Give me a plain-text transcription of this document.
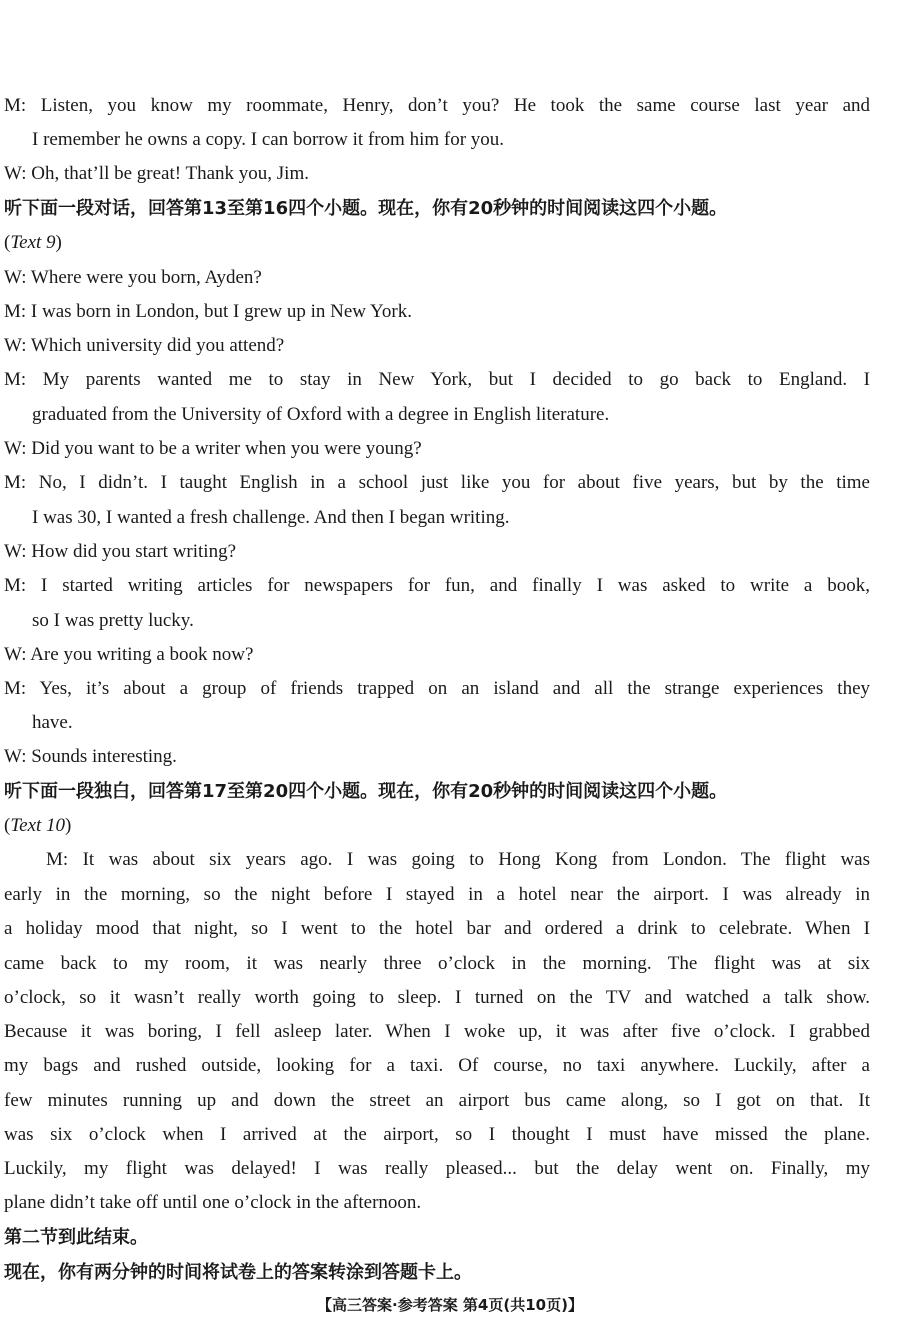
M: Listen, you know my roommate, Henry, don’t you? He took the same course last year and
I remember he owns a copy. I can borrow it from him for you.
W: Oh, that’ll be great! Thank you, Jim.
听下面一段对话，回答第13至第16四个小题。现在，你有20秒钟的时间阅读这四个小题。
(Text 9)
W: Where were you born, Ayden?
M: I was born in London, but I grew up in New York.
W: Which university did you attend?
M: My parents wanted me to stay in New York, but I decided to go back to England. I
graduated from the University of Oxford with a degree in English literature.
W: Did you want to be a writer when you were young?
M: No, I didn’t. I taught English in a school just like you for about five years, but by the time
I was 30, I wanted a fresh challenge. And then I began writing.
W: How did you start writing?
M: I started writing articles for newspapers for fun, and finally I was asked to write a book,
so I was pretty lucky.
W: Are you writing a book now?
M: Yes, it’s about a group of friends trapped on an island and all the strange experiences they
have.
W: Sounds interesting.
听下面一段独白，回答第17至第20四个小题。现在，你有20秒钟的时间阅读这四个小题。
(Text 10)
M: It was about six years ago. I was going to Hong Kong from London. The flight was
early in the morning, so the night before I stayed in a hotel near the airport. I was already in
a holiday mood that night, so I went to the hotel bar and ordered a drink to celebrate. When I
came back to my room, it was nearly three o’clock in the morning. The flight was at six
o’clock, so it wasn’t really worth going to sleep. I turned on the TV and watched a talk show.
Because it was boring, I fell asleep later. When I woke up, it was after five o’clock. I grabbed
my bags and rushed outside, looking for a taxi. Of course, no taxi anywhere. Luckily, after a
few minutes running up and down the street an airport bus came along, so I got on that. It
was six o’clock when I arrived at the airport, so I thought I must have missed the plane.
Luckily, my flight was delayed! I was really pleased... but the delay went on. Finally, my
plane didn’t take off until one o’clock in the afternoon.
第二节到此结束。
现在，你有两分钟的时间将试卷上的答案转涂到答题卡上。
【高三答案·参考答案 第4页(共10页)】
